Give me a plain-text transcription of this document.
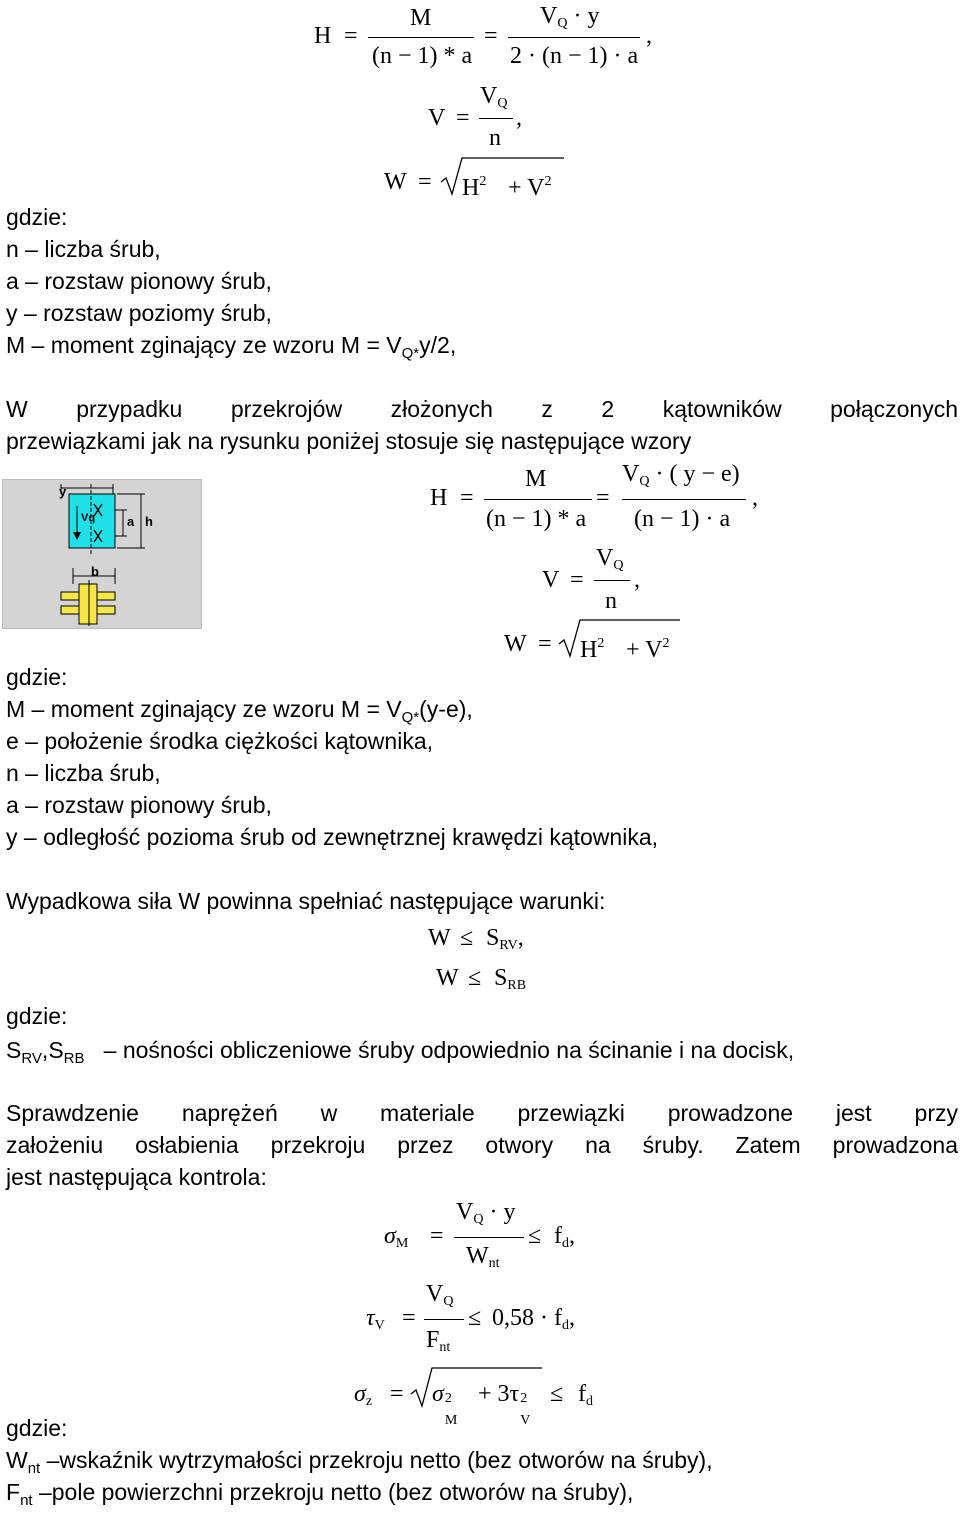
H =
M
(n − 1) * a
=
VQ · y
2 · (n − 1) · a
,
V =
VQ
n
,
$W = H^2 + V^2$
gdzie:
n – liczba śrub,
a – rozstaw pionowy śrub,
y – rozstaw poziomy śrub,
M – moment zginający ze wzoru $M = V_{Q*}y/2$,
W przypadku przekrojów złożonych z 2 kątowników połączonych
przewiązkami jak na rysunku poniżej stosuje się następujące wzory
y
Vq a h
b
H =
M
(n − 1) * a
=
VQ · ( y − e)
(n − 1) · a
,
V =
VQ
n
,
$W = H^2 + V^2$
gdzie:
M – moment zginający ze wzoru $M = V_{Q*}(y-e)$,
e – położenie środka ciężkości kątownika,
n – liczba śrub,
a – rozstaw pionowy śrub,
y – odległość pozioma śrub od zewnętrznej krawędzi kątownika,
Wypadkowa siła W powinna spełniać następujące warunki:
W ≤ SRV,
W ≤ SRB
gdzie:
$S_{RV},S_{RB}$ – nośności obliczeniowe śruby odpowiednio na ścinanie i na docisk,
Sprawdzenie naprężeń w materiale przewiązki prowadzone jest przy
założeniu osłabienia przekroju przez otwory na śruby. Zatem prowadzona
jest następująca kontrola:
σM =
VQ · y
Wnt
≤ fd,
τV =
VQ
Fnt
≤ 0,58 · fd,
σz = σ 2
M
+ 3τ 2
V
≤ fd
gdzie:
$W_{nt}$ –wskaźnik wytrzymałości przekroju netto (bez otworów na śruby),
$F_{nt}$ –pole powierzchni przekroju netto (bez otworów na śruby),
